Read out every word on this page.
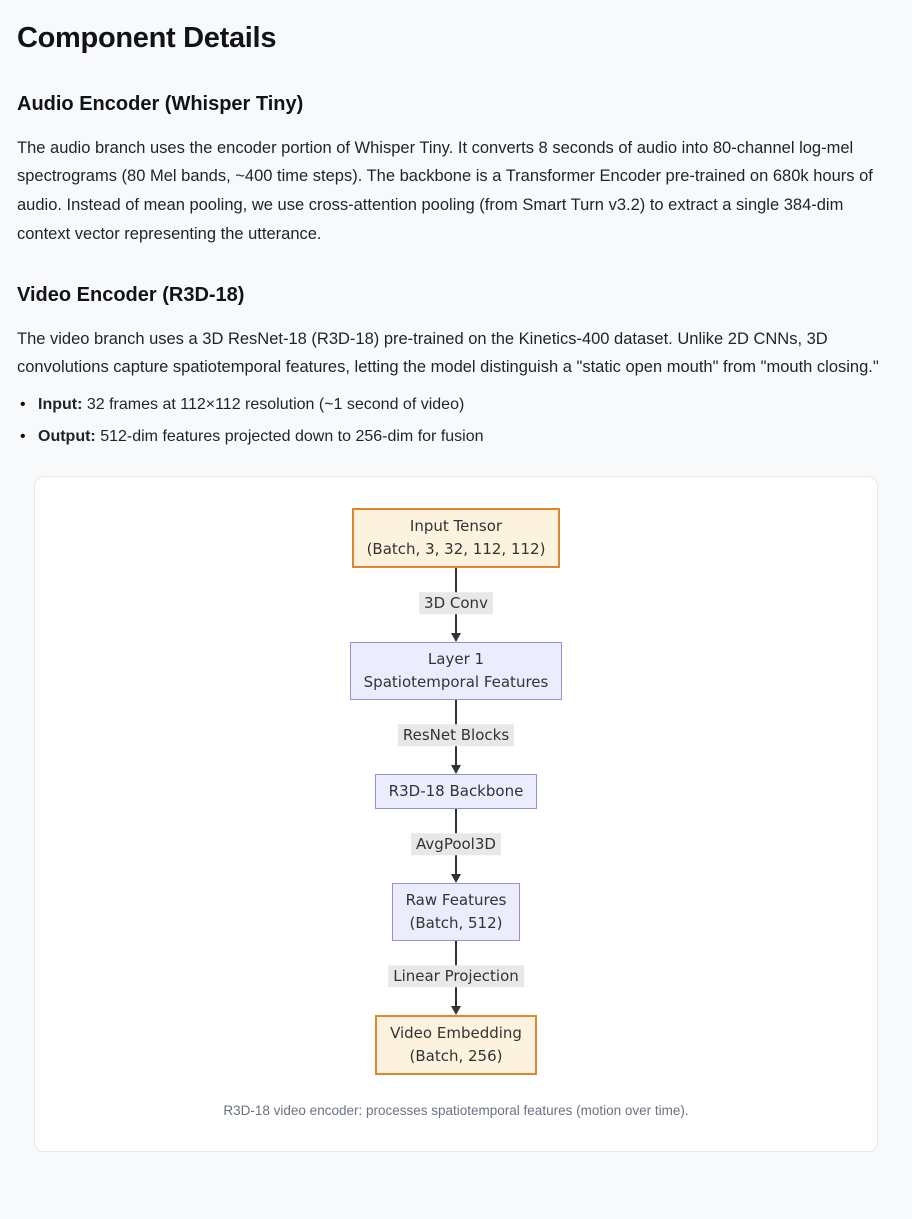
Component Details
Audio Encoder (Whisper Tiny)

The audio branch uses the encoder portion of Whisper Tiny. It converts 8 seconds of audio into 80-channel log-mel spectrograms (80 Mel bands, ~400 time steps). The backbone is a Transformer Encoder pre-trained on 680k hours of audio. Instead of mean pooling, we use cross-attention pooling (from Smart Turn v3.2) to extract a single 384-dim context vector representing the utterance.

Video Encoder (R3D-18)

The video branch uses a 3D ResNet-18 (R3D-18) pre-trained on the Kinetics-400 dataset. Unlike 2D CNNs, 3D convolutions capture spatiotemporal features, letting the model distinguish a "static open mouth" from "mouth closing."

• Input: 32 frames at 112×112 resolution (~1 second of video)
• Output: 512-dim features projected down to 256-dim for fusion
Input Tensor
(Batch, 3, 32, 112, 112)
3D Conv
Layer 1
Spatiotemporal Features
ResNet Blocks
R3D-18 Backbone
AvgPool3D
Raw Features
(Batch, 512)
Linear Projection
Video Embedding
(Batch, 256)
R3D-18 video encoder: processes spatiotemporal features (motion over time).
